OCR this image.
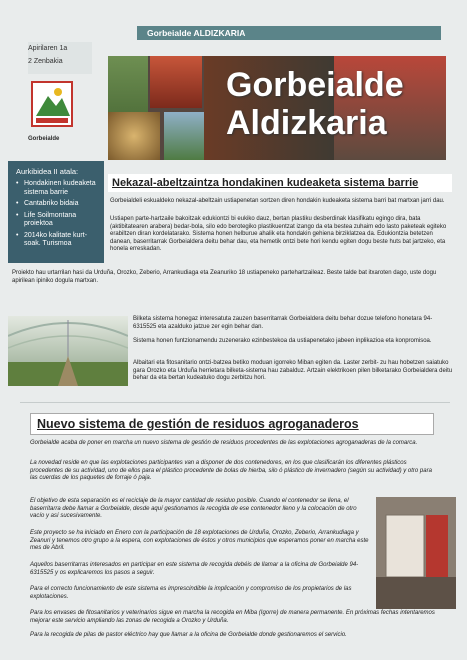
Apirilaren 1a
2 Zenbakia
Gorbeialde ALDIZKARIA
Gorbeialde
Gorbeialde
Aldizkaria
Aurkibidea II atala:
• Hondakinen kudeaketa sistema barrie
• Cantabriko bidaia
• Life Soilmontana proiektoa
• 2014ko kalitate kurt- soak. Turismoa
Nekazal-abeltzaintza hondakinen kudeaketa sistema barrie
Gorbeialdeli eskualdeko nekazal-abeltzain ustiapenetan sortzen diren hondakin kudeaketa sistema barri bat martxan jarri dau.
Ustiapen parte-hartzaile bakoitzak edukiontzi bi eukiko dauz, bertan plastiku desberdinak klasifikatu egingo dira, bata (aktibitatearen arabera) bedar-bola, silo edo berotegiko plastikuentzat izango da eta bestea zuhaim edo lasto paketeak egiteko erabiltzen diran kordelatarako. Sistema honen helburue ahalik eta hondakin gehiena birziklatzea da. Edukiontzia betetzen danean, baserritarrak Gorbeialdera deitu behar dau, eta hemetik ontzi bete hori kendu egiten dogu beste huts bat jartzeko, eta honela erreskadan.
Proiekto hau urtarrilan hasi da Urduña, Orozko, Zeberio, Arrankudiaga eta Zeanuriko 18 ustiapeneko partehartzaileaz. Beste talde bat itxaroten dago, uste dogu apirilean ipiniko dogula martxan.
Bilketa sistema honegaz interesatuta zauzen baserritarrak Gorbeialdera deitu behar dozue telefono honetara 94-6315525 eta azalduko jatzue zer egin behar dan.
Sistema honen funtzionamendu zuzenerako ezinbestekoa da ustiapenetako jabeen inplikazioa eta konpromisoa.
Albaitari eta fitosanitario ontzi-batzea betiko moduan igorreko Miban egiten da. Laster zerbit- zu hau hobetzen saiatuko gara Orozko eta Urduña herrietara bilketa-sistema hau zabalduz. Artzain elektrikoen pilen bilketarako Gorbeialdera deitu behar da eta bertan kudeatuko dogu zerbitzu hori.
Nuevo sistema de gestión de residuos agroganaderos
Gorbeialde acaba de poner en marcha un nuevo sistema de gestión de residuos procedentes de las explotaciones agroganaderas de la comarca.
La novedad reside en que las explotaciones participantes van a disponer de dos contenedores, en los que clasificarán los diferentes plásticos procedentes de su actividad, uno de ellos para el plástico procedente de bolas de hierba, silo ó plástico de invernadero (según su actividad) y otro para las cuerdas de los paquetes de forraje ó paja.
El objetivo de esta separación es el reciclaje de la mayor cantidad de residuo posible. Cuando el contenedor se llena, el baserritarra debe llamar a Gorbeialde, desde aquí gestionamos la recogida de ese contenedor lleno y la colocación de otro vacío y así sucesivamente.
Este proyecto se ha iniciado en Enero con la participación de 18 explotaciones de Urduña, Orozko, Zeberio, Arrankudiaga y Zeanuri y tenemos otro grupo a la espera, con explotaciones de éstos y otros municipios que esperamos poner en marcha este mes de Abril.
Aquellos baserritarras interesados en participar en este sistema de recogida debéis de llamar a la oficina de Gorbeialde 94-6315525 y os explicaremos los pasos a seguir.
Para el correcto funcionamiento de este sistema es imprescindible la implicación y compromiso de los propietarios de las explotaciones.
Para los envases de fitosanitarios y veterinarios sigue en marcha la recogida en Miba (Igorre) de manera permanente. En próximas fechas intentaremos mejorar este servicio ampliando las zonas de recogida a Orozko y Urduña.
Para la recogida de pilas de pastor eléctrico hay que llamar a la oficina de Gorbeialde donde gestionaremos el servicio.
